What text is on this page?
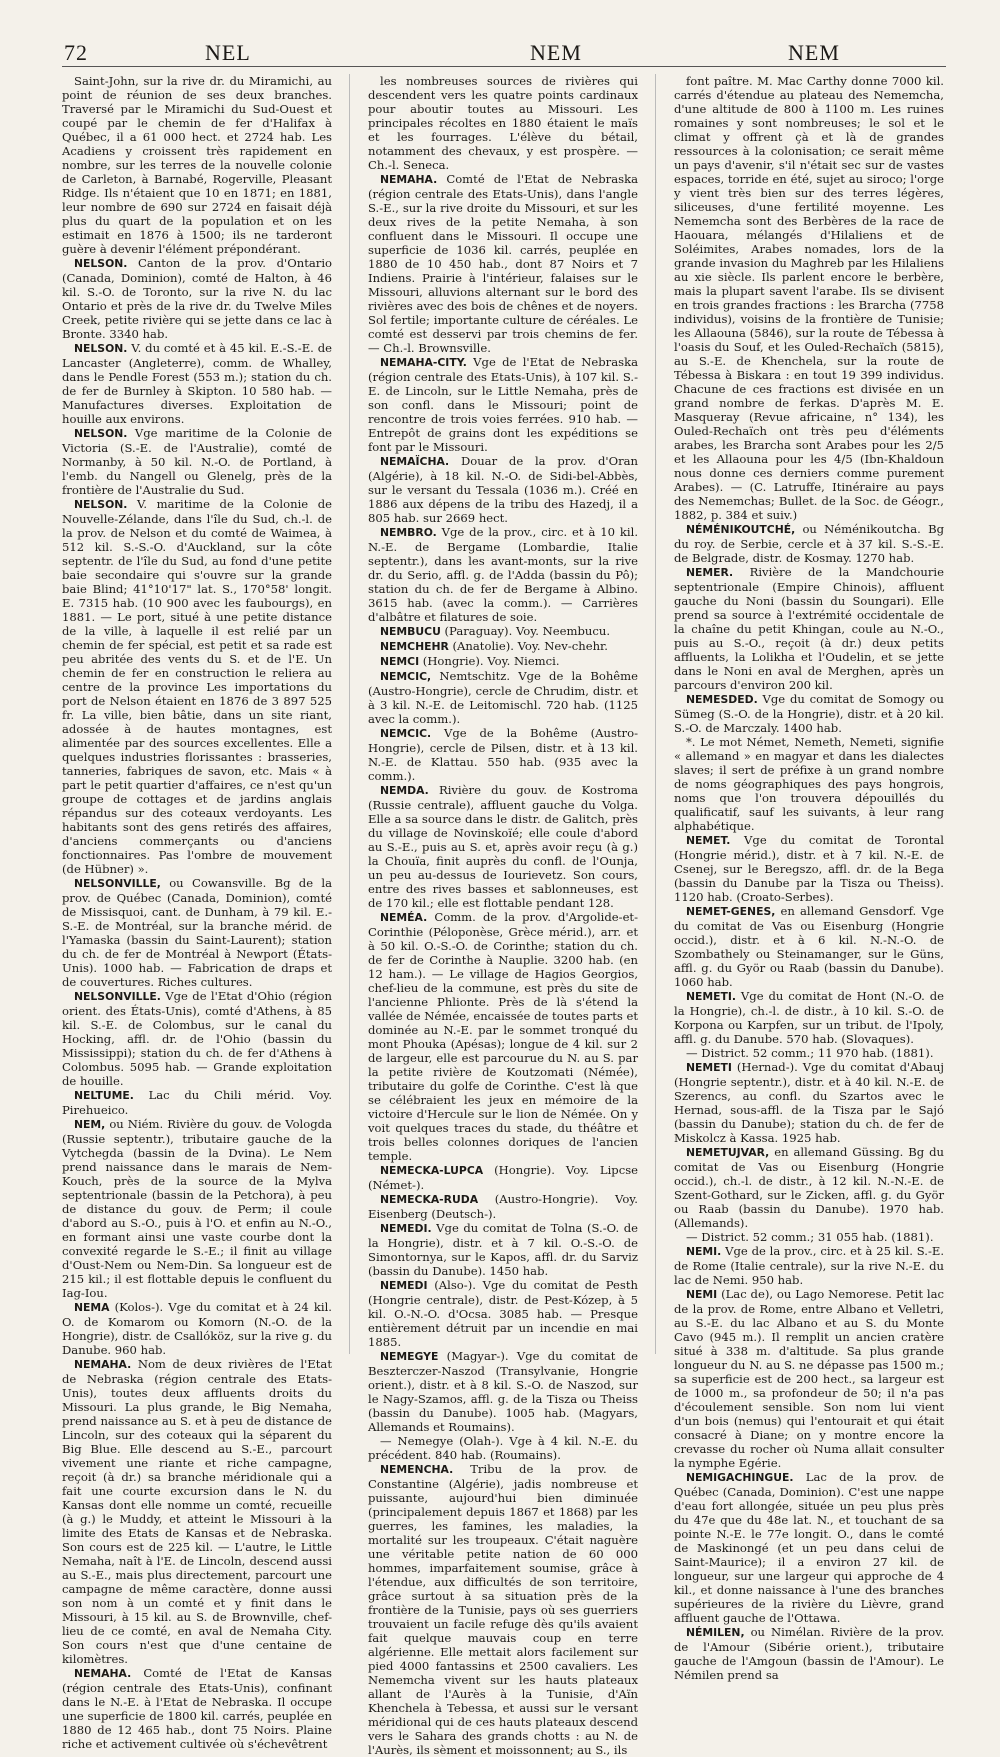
72	NEL	NEM	NEM

Saint-John, sur la rive dr. du Miramichi, au point de réunion de ses deux branches. Traversé par le Miramichi du Sud-Ouest et coupé par le chemin de fer d'Halifax à Québec, il a 61 000 hect. et 2724 hab. Les Acadiens y croissent très rapidement en nombre, sur les terres de la nouvelle colonie de Carleton, à Barnabé, Rogerville, Pleasant Ridge. Ils n'étaient que 10 en 1871; en 1881, leur nombre de 690 sur 2724 en faisait déjà plus du quart de la population et on les estimait en 1876 à 1500; ils ne tarderont guère à devenir l'élément prépondérant.

NELSON. Canton de la prov. d'Ontario (Canada, Dominion), comté de Halton, à 46 kil. S.-O. de Toronto, sur la rive N. du lac Ontario et près de la rive dr. du Twelve Miles Creek, petite rivière qui se jette dans ce lac à Bronte. 3340 hab.

NELSON. V. du comté et à 45 kil. E.-S.-E. de Lancaster (Angleterre), comm. de Whalley, dans le Pendle Forest (553 m.); station du ch. de fer de Burnley à Skipton. 10 580 hab. — Manufactures diverses. Exploitation de houille aux environs.

NELSON. Vge maritime de la Colonie de Victoria (S.-E. de l'Australie), comté de Normanby, à 50 kil. N.-O. de Portland, à l'emb. du Nangell ou Glenelg, près de la frontière de l'Australie du Sud.

NELSON. V. maritime de la Colonie de Nouvelle-Zélande, dans l'île du Sud, ch.-l. de la prov. de Nelson et du comté de Waimea, à 512 kil. S.-S.-O. d'Auckland, sur la côte septentr. de l'île du Sud, au fond d'une petite baie secondaire qui s'ouvre sur la grande baie Blind; 41°10'17" lat. S., 170°58' longit. E. 7315 hab. (10 900 avec les faubourgs), en 1881. — Le port, situé à une petite distance de la ville, à laquelle il est relié par un chemin de fer spécial, est petit et sa rade est peu abritée des vents du S. et de l'E. Un chemin de fer en construction le reliera au centre de la province Les importations du port de Nelson étaient en 1876 de 3 897 525 fr. La ville, bien bâtie, dans un site riant, adossée à de hautes montagnes, est alimentée par des sources excellentes. Elle a quelques industries florissantes : brasseries, tanneries, fabriques de savon, etc. Mais « à part le petit quartier d'affaires, ce n'est qu'un groupe de cottages et de jardins anglais répandus sur des coteaux verdoyants. Les habitants sont des gens retirés des affaires, d'anciens commerçants ou d'anciens fonctionnaires. Pas l'ombre de mouvement (de Hübner) ».

NELSONVILLE, ou Cowansville. Bg de la prov. de Québec (Canada, Dominion), comté de Missisquoi, cant. de Dunham, à 79 kil. E.-S.-E. de Montréal, sur la branche mérid. de l'Yamaska (bassin du Saint-Laurent); station du ch. de fer de Montréal à Newport (États-Unis). 1000 hab. — Fabrication de draps et de couvertures. Riches cultures.

NELSONVILLE. Vge de l'Etat d'Ohio (région orient. des États-Unis), comté d'Athens, à 85 kil. S.-E. de Colombus, sur le canal du Hocking, affl. dr. de l'Ohio (bassin du Mississippi); station du ch. de fer d'Athens à Colombus. 5095 hab. — Grande exploitation de houille.

NELTUME. Lac du Chili mérid. Voy. Pirehueico.

NEM, ou Niém. Rivière du gouv. de Vologda (Russie septentr.), tributaire gauche de la Vytchegda (bassin de la Dvina). Le Nem prend naissance dans le marais de Nem-Kouch, près de la source de la Mylva septentrionale (bassin de la Petchora), à peu de distance du gouv. de Perm; il coule d'abord au S.-O., puis à l'O. et enfin au N.-O., en formant ainsi une vaste courbe dont la convexité regarde le S.-E.; il finit au village d'Oust-Nem ou Nem-Din. Sa longueur est de 215 kil.; il est flottable depuis le confluent du Iag-Iou.

NEMA (Kolos-). Vge du comitat et à 24 kil. O. de Komarom ou Komorn (N.-O. de la Hongrie), distr. de Csallóköz, sur la rive g. du Danube. 960 hab.

NEMAHA. Nom de deux rivières de l'Etat de Nebraska (région centrale des Etats-Unis), toutes deux affluents droits du Missouri. La plus grande, le Big Nemaha, prend naissance au S. et à peu de distance de Lincoln, sur des coteaux qui la séparent du Big Blue. Elle descend au S.-E., parcourt vivement une riante et riche campagne, reçoit (à dr.) sa branche méridionale qui a fait une courte excursion dans le N. du Kansas dont elle nomme un comté, recueille (à g.) le Muddy, et atteint le Missouri à la limite des Etats de Kansas et de Nebraska. Son cours est de 225 kil. — L'autre, le Little Nemaha, naît à l'E. de Lincoln, descend aussi au S.-E., mais plus directement, parcourt une campagne de même caractère, donne aussi son nom à un comté et y finit dans le Missouri, à 15 kil. au S. de Brownville, chef-lieu de ce comté, en aval de Nemaha City. Son cours n'est que d'une centaine de kilomètres.

NEMAHA. Comté de l'Etat de Kansas (région centrale des Etats-Unis), confinant dans le N.-E. à l'Etat de Nebraska. Il occupe une superficie de 1800 kil. carrés, peuplée en 1880 de 12 465 hab., dont 75 Noirs. Plaine riche et activement cultivée où s'échevêtrent

les nombreuses sources de rivières qui descendent vers les quatre points cardinaux pour aboutir toutes au Missouri. Les principales récoltes en 1880 étaient le maïs et les fourrages. L'élève du bétail, notamment des chevaux, y est prospère. — Ch.-l. Seneca.

NEMAHA. Comté de l'Etat de Nebraska (région centrale des Etats-Unis), dans l'angle S.-E., sur la rive droite du Missouri, et sur les deux rives de la petite Nemaha, à son confluent dans le Missouri. Il occupe une superficie de 1036 kil. carrés, peuplée en 1880 de 10 450 hab., dont 87 Noirs et 7 Indiens. Prairie à l'intérieur, falaises sur le Missouri, alluvions alternant sur le bord des rivières avec des bois de chênes et de noyers. Sol fertile; importante culture de céréales. Le comté est desservi par trois chemins de fer. — Ch.-l. Brownsville.

NEMAHA-CITY. Vge de l'Etat de Nebraska (région centrale des Etats-Unis), à 107 kil. S.-E. de Lincoln, sur le Little Nemaha, près de son confl. dans le Missouri; point de rencontre de trois voies ferrées. 910 hab. — Entrepôt de grains dont les expéditions se font par le Missouri.

NEMAÏCHA. Douar de la prov. d'Oran (Algérie), à 18 kil. N.-O. de Sidi-bel-Abbès, sur le versant du Tessala (1036 m.). Créé en 1886 aux dépens de la tribu des Hazedj, il a 805 hab. sur 2669 hect.

NEMBRO. Vge de la prov., circ. et à 10 kil. N.-E. de Bergame (Lombardie, Italie septentr.), dans les avant-monts, sur la rive dr. du Serio, affl. g. de l'Adda (bassin du Pô); station du ch. de fer de Bergame à Albino. 3615 hab. (avec la comm.). — Carrières d'albâtre et filatures de soie.

NEMBUCU (Paraguay). Voy. Neembucu.

NEMCHEHR (Anatolie). Voy. Nev-chehr.

NEMCI (Hongrie). Voy. Niemci.

NEMCIC, Nemtschitz. Vge de la Bohême (Austro-Hongrie), cercle de Chrudim, distr. et à 3 kil. N.-E. de Leitomischl. 720 hab. (1125 avec la comm.).

NEMCIC. Vge de la Bohême (Austro-Hongrie), cercle de Pilsen, distr. et à 13 kil. N.-E. de Klattau. 550 hab. (935 avec la comm.).

NEMDA. Rivière du gouv. de Kostroma (Russie centrale), affluent gauche du Volga. Elle a sa source dans le distr. de Galitch, près du village de Novinskoïé; elle coule d'abord au S.-E., puis au S. et, après avoir reçu (à g.) la Chouïa, finit auprès du confl. de l'Ounja, un peu au-dessus de Iourievetz. Son cours, entre des rives basses et sablonneuses, est de 170 kil.; elle est flottable pendant 128.

NEMÉA. Comm. de la prov. d'Argolide-et-Corinthie (Péloponèse, Grèce mérid.), arr. et à 50 kil. O.-S.-O. de Corinthe; station du ch. de fer de Corinthe à Nauplie. 3200 hab. (en 12 ham.). — Le village de Hagios Georgios, chef-lieu de la commune, est près du site de l'ancienne Phlionte. Près de là s'étend la vallée de Némée, encaissée de toutes parts et dominée au N.-E. par le sommet tronqué du mont Phouka (Apésas); longue de 4 kil. sur 2 de largeur, elle est parcourue du N. au S. par la petite rivière de Koutzomati (Némée), tributaire du golfe de Corinthe. C'est là que se célébraient les jeux en mémoire de la victoire d'Hercule sur le lion de Némée. On y voit quelques traces du stade, du théâtre et trois belles colonnes doriques de l'ancien temple.

NEMECKA-LUPCA (Hongrie). Voy. Lipcse (Német-).

NEMECKA-RUDA (Austro-Hongrie). Voy. Eisenberg (Deutsch-).

NEMEDI. Vge du comitat de Tolna (S.-O. de la Hongrie), distr. et à 7 kil. O.-S.-O. de Simontornya, sur le Kapos, affl. dr. du Sarviz (bassin du Danube). 1450 hab.

NEMEDI (Also-). Vge du comitat de Pesth (Hongrie centrale), distr. de Pest-Kózep, à 5 kil. O.-N.-O. d'Ocsa. 3085 hab. — Presque entièrement détruit par un incendie en mai 1885.

NEMEGYE (Magyar-). Vge du comitat de Beszterczer-Naszod (Transylvanie, Hongrie orient.), distr. et à 8 kil. S.-O. de Naszod, sur le Nagy-Szamos, affl. g. de la Tisza ou Theiss (bassin du Danube). 1005 hab. (Magyars, Allemands et Roumains).

— Nemegye (Olah-). Vge à 4 kil. N.-E. du précédent. 840 hab. (Roumains).

NEMENCHA. Tribu de la prov. de Constantine (Algérie), jadis nombreuse et puissante, aujourd'hui bien diminuée (principalement depuis 1867 et 1868) par les guerres, les famines, les maladies, la mortalité sur les troupeaux. C'était naguère une véritable petite nation de 60 000 hommes, imparfaitement soumise, grâce à l'étendue, aux difficultés de son territoire, grâce surtout à sa situation près de la frontière de la Tunisie, pays où ses guerriers trouvaient un facile refuge dès qu'ils avaient fait quelque mauvais coup en terre algérienne. Elle mettait alors facilement sur pied 4000 fantassins et 2500 cavaliers. Les Nememcha vivent sur les hauts plateaux allant de l'Aurès à la Tunisie, d'Aïn Khenchela à Tebessa, et aussi sur le versant méridional qui de ces hauts plateaux descend vers le Sahara des grands chotts : au N. de l'Aurès, ils sèment et moissonnent; au S., ils

font paître. M. Mac Carthy donne 7000 kil. carrés d'étendue au plateau des Nememcha, d'une altitude de 800 à 1100 m. Les ruines romaines y sont nombreuses; le sol et le climat y offrent çà et là de grandes ressources à la colonisation; ce serait même un pays d'avenir, s'il n'était sec sur de vastes espaces, torride en été, sujet au siroco; l'orge y vient très bien sur des terres légères, siliceuses, d'une fertilité moyenne. Les Nememcha sont des Berbères de la race de Haouara, mélangés d'Hilaliens et de Soléimites, Arabes nomades, lors de la grande invasion du Maghreb par les Hilaliens au xie siècle. Ils parlent encore le berbère, mais la plupart savent l'arabe. Ils se divisent en trois grandes fractions : les Brarcha (7758 individus), voisins de la frontière de Tunisie; les Allaouna (5846), sur la route de Tébessa à l'oasis du Souf, et les Ouled-Rechaïch (5815), au S.-E. de Khenchela, sur la route de Tébessa à Biskara : en tout 19 399 individus. Chacune de ces fractions est divisée en un grand nombre de ferkas. D'après M. E. Masqueray (Revue africaine, n° 134), les Ouled-Rechaïch ont très peu d'éléments arabes, les Brarcha sont Arabes pour les 2/5 et les Allaouna pour les 4/5 (Ibn-Khaldoun nous donne ces derniers comme purement Arabes). — (C. Latruffe, Itinéraire au pays des Nememchas; Bullet. de la Soc. de Géogr., 1882, p. 384 et suiv.)

NÉMÉNIKOUTCHÉ, ou Néménikoutcha. Bg du roy. de Serbie, cercle et à 37 kil. S.-S.-E. de Belgrade, distr. de Kosmay. 1270 hab.

NEMER. Rivière de la Mandchourie septentrionale (Empire Chinois), affluent gauche du Noni (bassin du Soungari). Elle prend sa source à l'extrémité occidentale de la chaîne du petit Khingan, coule au N.-O., puis au S.-O., reçoit (à dr.) deux petits affluents, la Lolikha et l'Oudelin, et se jette dans le Noni en aval de Merghen, après un parcours d'environ 200 kil.

NEMESDED. Vge du comitat de Somogy ou Sümeg (S.-O. de la Hongrie), distr. et à 20 kil. S.-O. de Marczaly. 1400 hab.

*. Le mot Német, Nemeth, Nemeti, signifie « allemand » en magyar et dans les dialectes slaves; il sert de préfixe à un grand nombre de noms géographiques des pays hongrois, noms que l'on trouvera dépouillés du qualificatif, sauf les suivants, à leur rang alphabétique.

NEMET. Vge du comitat de Torontal (Hongrie mérid.), distr. et à 7 kil. N.-E. de Csenej, sur le Beregszo, affl. dr. de la Bega (bassin du Danube par la Tisza ou Theiss). 1120 hab. (Croato-Serbes).

NEMET-GENES, en allemand Gensdorf. Vge du comitat de Vas ou Eisenburg (Hongrie occid.), distr. et à 6 kil. N.-N.-O. de Szombathely ou Steinamanger, sur le Güns, affl. g. du Györ ou Raab (bassin du Danube). 1060 hab.

NEMETI. Vge du comitat de Hont (N.-O. de la Hongrie), ch.-l. de distr., à 10 kil. S.-O. de Korpona ou Karpfen, sur un tribut. de l'Ipoly, affl. g. du Danube. 570 hab. (Slovaques).

— District. 52 comm.; 11 970 hab. (1881).

NEMETI (Hernad-). Vge du comitat d'Abauj (Hongrie septentr.), distr. et à 40 kil. N.-E. de Szerencs, au confl. du Szartos avec le Hernad, sous-affl. de la Tisza par le Sajó (bassin du Danube); station du ch. de fer de Miskolcz à Kassa. 1925 hab.

NEMETUJVAR, en allemand Güssing. Bg du comitat de Vas ou Eisenburg (Hongrie occid.), ch.-l. de distr., à 12 kil. N.-N.-E. de Szent-Gothard, sur le Zicken, affl. g. du Györ ou Raab (bassin du Danube). 1970 hab. (Allemands).

— District. 52 comm.; 31 055 hab. (1881).

NEMI. Vge de la prov., circ. et à 25 kil. S.-E. de Rome (Italie centrale), sur la rive N.-E. du lac de Nemi. 950 hab.

NEMI (Lac de), ou Lago Nemorese. Petit lac de la prov. de Rome, entre Albano et Velletri, au S.-E. du lac Albano et au S. du Monte Cavo (945 m.). Il remplit un ancien cratère situé à 338 m. d'altitude. Sa plus grande longueur du N. au S. ne dépasse pas 1500 m.; sa superficie est de 200 hect., sa largeur est de 1000 m., sa profondeur de 50; il n'a pas d'écoulement sensible. Son nom lui vient d'un bois (nemus) qui l'entourait et qui était consacré à Diane; on y montre encore la crevasse du rocher où Numa allait consulter la nymphe Egérie.

NEMIGACHINGUE. Lac de la prov. de Québec (Canada, Dominion). C'est une nappe d'eau fort allongée, située un peu plus près du 47e que du 48e lat. N., et touchant de sa pointe N.-E. le 77e longit. O., dans le comté de Maskinongé (et un peu dans celui de Saint-Maurice); il a environ 27 kil. de longueur, sur une largeur qui approche de 4 kil., et donne naissance à l'une des branches supérieures de la rivière du Lièvre, grand affluent gauche de l'Ottawa.

NÉMILEN, ou Nimélan. Rivière de la prov. de l'Amour (Sibérie orient.), tributaire gauche de l'Amgoun (bassin de l'Amour). Le Némilen prend sa
